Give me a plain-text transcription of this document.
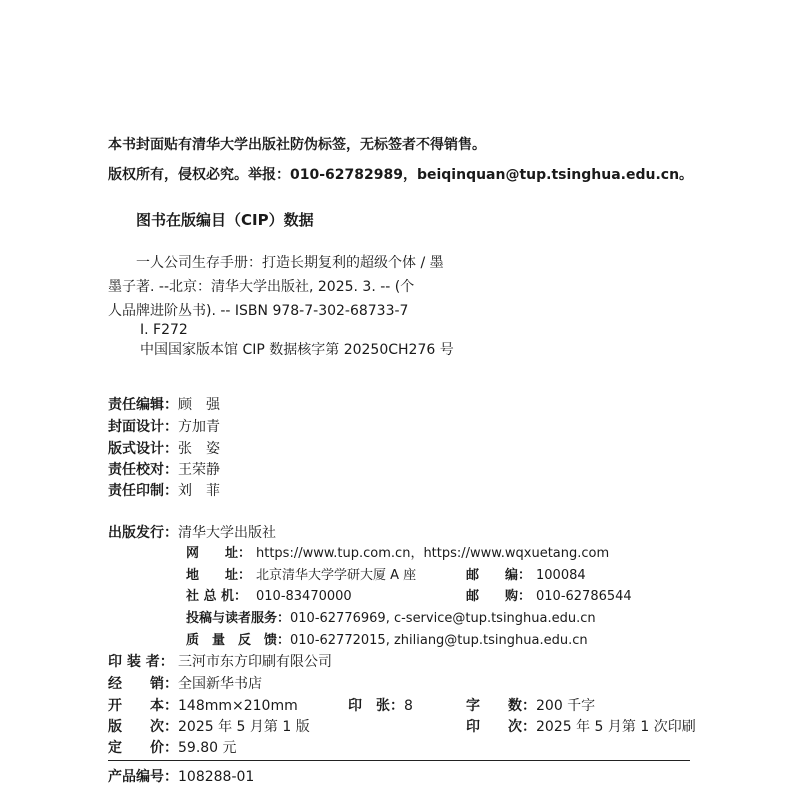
本书封面贴有清华大学出版社防伪标签，无标签者不得销售。
版权所有，侵权必究。举报：010-62782989，beiqinquan@tup.tsinghua.edu.cn。
图书在版编目（CIP）数据
一人公司生存手册：打造长期复利的超级个体 / 墨
墨子著. --北京：清华大学出版社, 2025. 3. -- (个
人品牌进阶丛书). -- ISBN 978-7-302-68733-7
Ⅰ. F272
中国国家版本馆 CIP 数据核字第 20250CH276 号
责任编辑：顾　强
封面设计：方加青
版式设计：张　姿
责任校对：王荣静
责任印制：刘　菲
出版发行：清华大学出版社
网　　址： https://www.tup.com.cn，https://www.wqxuetang.com
地　　址： 北京清华大学学研大厦 A 座	邮　　编： 100084
社 总 机： 010-83470000	邮　　购： 010-62786544
投稿与读者服务：010-62776969, c-service@tup.tsinghua.edu.cn
质　量　反　馈：010-62772015, zhiliang@tup.tsinghua.edu.cn
印 装 者： 三河市东方印刷有限公司
经　　销：全国新华书店
开　　本：148mm×210mm	印　张：8	字　　数：200 千字
版　　次：2025 年 5 月第 1 版	印　　次：2025 年 5 月第 1 次印刷
定　　价：59.80 元
产品编号：108288-01
